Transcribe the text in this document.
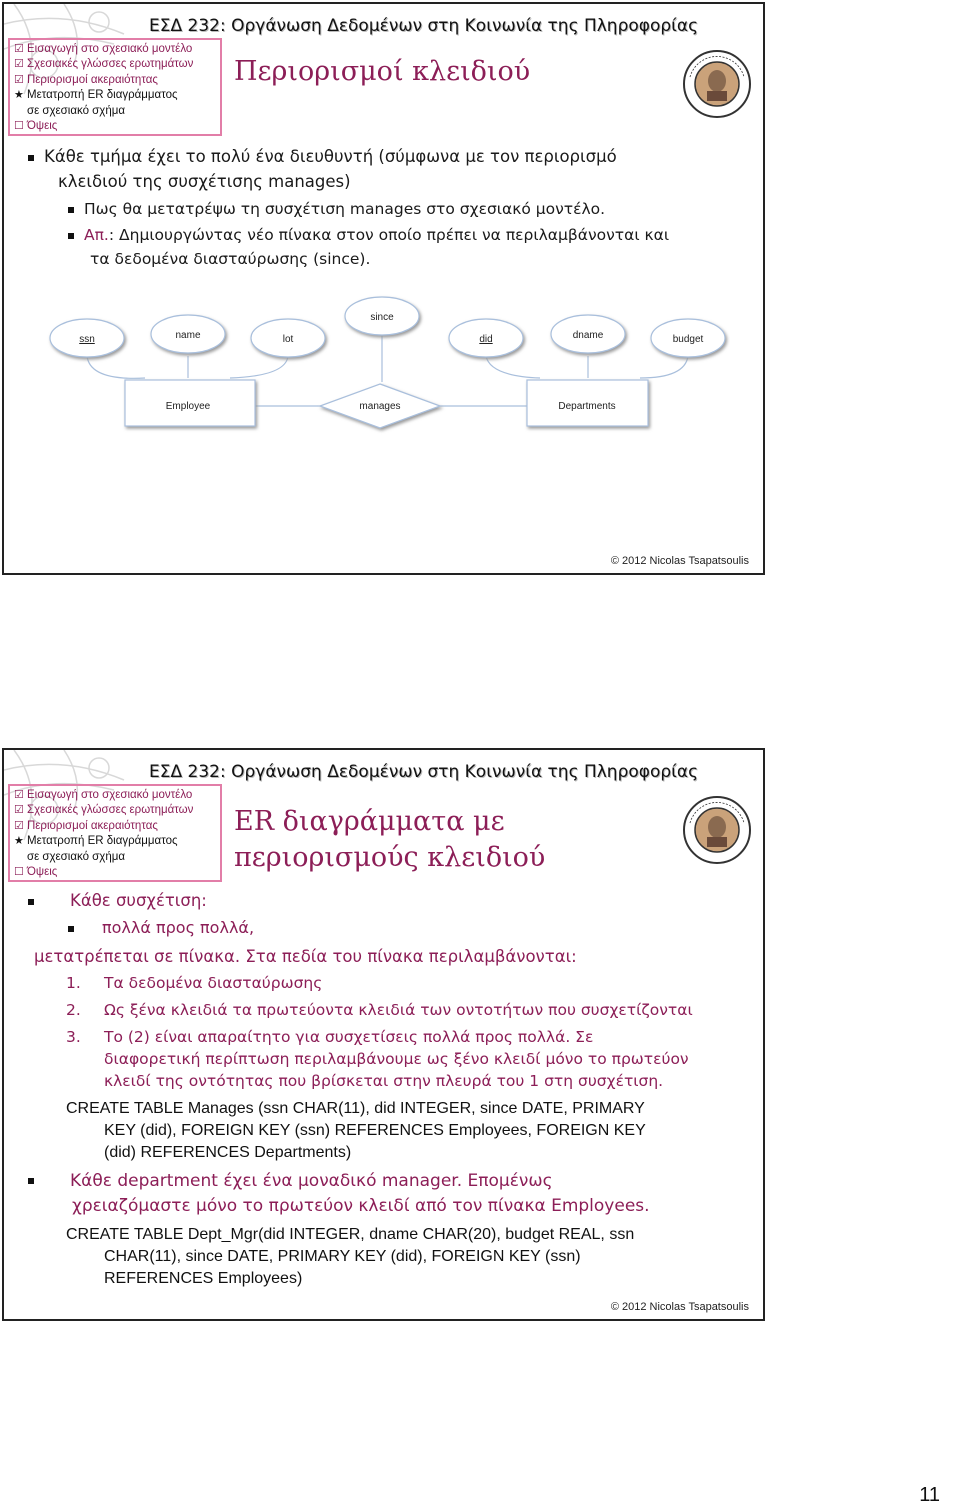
ΕΣΔ 232: Οργάνωση Δεδομένων στη Κοινωνία της Πληροφορίας
☑ Εισαγωγή στο σχεσιακό μοντέλο
☑ Σχεσιακές γλώσσες ερωτημάτων
☑ Περιορισμοί ακεραιότητας
★ Μετατροπή ER διαγράμματος
σε σχεσιακό σχήμα
☐ Όψεις
Περιορισμοί κλειδιού
Κάθε τμήμα έχει το πολύ ένα διευθυντή (σύμφωνα με τον περιορισμό
κλειδιού της συσχέτισης manages)
Πως θα μετατρέψω τη συσχέτιση manages στο σχεσιακό μοντέλο.
Απ.: Δημιουργώντας νέο πίνακα στον οποίο πρέπει να περιλαμβάνονται και
τα δεδομένα διασταύρωσης (since).
ssn	name	lot
since
did	dname	budget
Employee	manages	Departments
© 2012 Nicolas Tsapatsoulis
ΕΣΔ 232: Οργάνωση Δεδομένων στη Κοινωνία της Πληροφορίας
☑ Εισαγωγή στο σχεσιακό μοντέλο
☑ Σχεσιακές γλώσσες ερωτημάτων
☑ Περιορισμοί ακεραιότητας
★ Μετατροπή ER διαγράμματος
σε σχεσιακό σχήμα
☐ Όψεις
ER διαγράμματα με
περιορισμούς κλειδιού
Κάθε συσχέτιση:
πολλά προς πολλά,
μετατρέπεται σε πίνακα. Στα πεδία του πίνακα περιλαμβάνονται:
1. Τα δεδομένα διασταύρωσης
2. Ως ξένα κλειδιά τα πρωτεύοντα κλειδιά των οντοτήτων που συσχετίζονται
3. Το (2) είναι απαραίτητο για συσχετίσεις πολλά προς πολλά. Σε
διαφορετική περίπτωση περιλαμβάνουμε ως ξένο κλειδί μόνο το πρωτεύον
κλειδί της οντότητας που βρίσκεται στην πλευρά του 1 στη συσχέτιση.
CREATE TABLE Manages (ssn CHAR(11), did INTEGER, since DATE, PRIMARY
KEY (did), FOREIGN KEY (ssn) REFERENCES Employees, FOREIGN KEY
(did) REFERENCES Departments)
Κάθε department έχει ένα μοναδικό manager. Επομένως
χρειαζόμαστε μόνο το πρωτεύον κλειδί από τον πίνακα Employees.
CREATE TABLE Dept_Mgr(did INTEGER, dname CHAR(20), budget REAL, ssn
CHAR(11), since DATE, PRIMARY KEY (did), FOREIGN KEY (ssn)
REFERENCES Employees)
© 2012 Nicolas Tsapatsoulis
11
